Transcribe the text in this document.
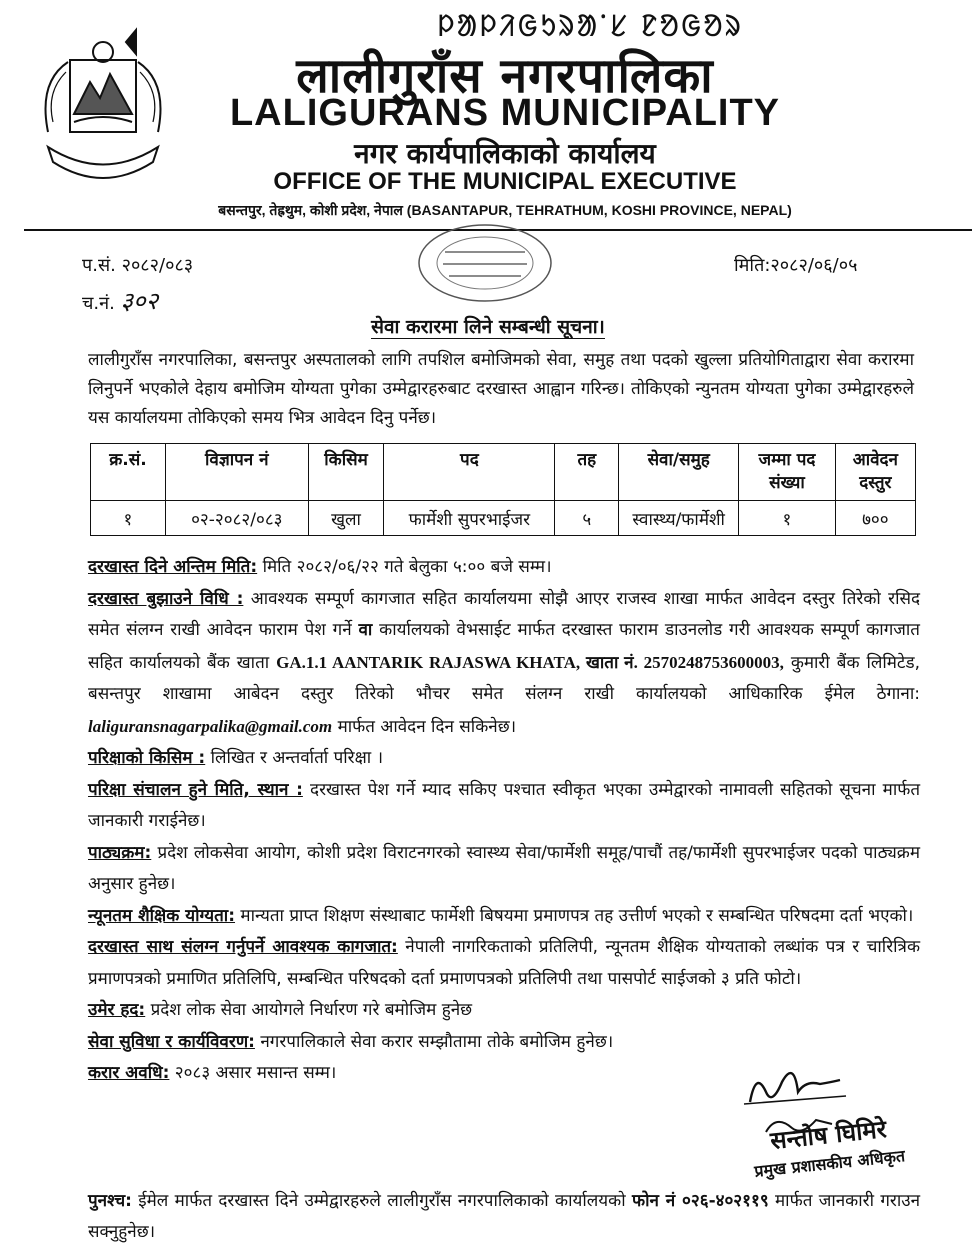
ᱞᱟᱞᱤᱜᱩᱨᱟᱸᱥ ᱱᱚᱜᱚᱨ
लालीगुराँस नगरपालिका
LALIGURANS MUNICIPALITY
नगर कार्यपालिकाको कार्यालय
OFFICE OF THE MUNICIPAL EXECUTIVE
बसन्तपुर, तेह्रथुम, कोशी प्रदेश, नेपाल (BASANTAPUR, TEHRATHUM, KOSHI PROVINCE, NEPAL)
प.सं. २०८२/०८३
च.नं. ३०२
मिति:२०८२/०६/०५
सेवा करारमा लिने सम्बन्धी सूचना।
लालीगुराँस नगरपालिका, बसन्तपुर अस्पतालको लागि तपशिल बमोजिमको सेवा, समुह तथा पदको खुल्ला प्रतियोगिताद्वारा सेवा करारमा लिनुपर्ने भएकोले देहाय बमोजिम योग्यता पुगेका उम्मेद्वारहरुबाट दरखास्त आह्वान गरिन्छ। तोकिएको न्युनतम योग्यता पुगेका उम्मेद्वारहरुले यस कार्यालयमा तोकिएको समय भित्र आवेदन दिनु पर्नेछ।
क्र.सं.	विज्ञापन नं	किसिम	पद	तह	सेवा/समुह	जम्मा पद संख्या	आवेदन दस्तुर
१	०२-२०८२/०८३	खुला	फार्मेशी सुपरभाईजर	५	स्वास्थ्य/फार्मेशी	१	७००
दरखास्त दिने अन्तिम मिति: मिति २०८२/०६/२२ गते बेलुका ५:०० बजे सम्म।
दरखास्त बुझाउने विधि : आवश्यक सम्पूर्ण कागजात सहित कार्यालयमा सोझै आएर राजस्व शाखा मार्फत आवेदन दस्तुर तिरेको रसिद समेत संलग्न राखी आवेदन फाराम पेश गर्ने वा कार्यालयको वेभसाईट मार्फत दरखास्त फाराम डाउनलोड गरी आवश्यक सम्पूर्ण कागजात सहित कार्यालयको बैंक खाता GA.1.1 AANTARIK RAJASWA KHATA, खाता नं. 2570248753600003, कुमारी बैंक लिमिटेड, बसन्तपुर शाखामा आबेदन दस्तुर तिरेको भौचर समेत संलग्न राखी कार्यालयको आधिकारिक ईमेल ठेगाना: laliguransnagarpalika@gmail.com मार्फत आवेदन दिन सकिनेछ।
परिक्षाको किसिम : लिखित र अन्तर्वार्ता परिक्षा ।
परिक्षा संचालन हुने मिति, स्थान : दरखास्त पेश गर्ने म्याद सकिए पश्चात स्वीकृत भएका उम्मेद्वारको नामावली सहितको सूचना मार्फत जानकारी गराईनेछ।
पाठ्यक्रम: प्रदेश लोकसेवा आयोग, कोशी प्रदेश विराटनगरको स्वास्थ्य सेवा/फार्मेशी समूह/पाचौं तह/फार्मेशी सुपरभाईजर पदको पाठ्यक्रम अनुसार हुनेछ।
न्यूनतम शैक्षिक योग्यता: मान्यता प्राप्त शिक्षण संस्थाबाट फार्मेशी बिषयमा प्रमाणपत्र तह उत्तीर्ण भएको र सम्बन्धित परिषदमा दर्ता भएको।
दरखास्त साथ संलग्न गर्नुपर्ने आवश्यक कागजात: नेपाली नागरिकताको प्रतिलिपी, न्यूनतम शैक्षिक योग्यताको लब्धांक पत्र र चारित्रिक प्रमाणपत्रको प्रमाणित प्रतिलिपि, सम्बन्धित परिषदको दर्ता प्रमाणपत्रको प्रतिलिपी तथा पासपोर्ट साईजको ३ प्रति फोटो।
उमेर हद: प्रदेश लोक सेवा आयोगले निर्धारण गरे बमोजिम हुनेछ
सेवा सुविधा र कार्यविवरण: नगरपालिकाले सेवा करार सम्झौतामा तोके बमोजिम हुनेछ।
करार अवधि: २०८३ असार मसान्त सम्म।
सन्तोष घिमिरे
प्रमुख प्रशासकीय अधिकृत
पुनश्च: ईमेल मार्फत दरखास्त दिने उम्मेद्वारहरुले लालीगुराँस नगरपालिकाको कार्यालयको फोन नं ०२६-४०२११९ मार्फत जानकारी गराउन सक्नुहुनेछ।
